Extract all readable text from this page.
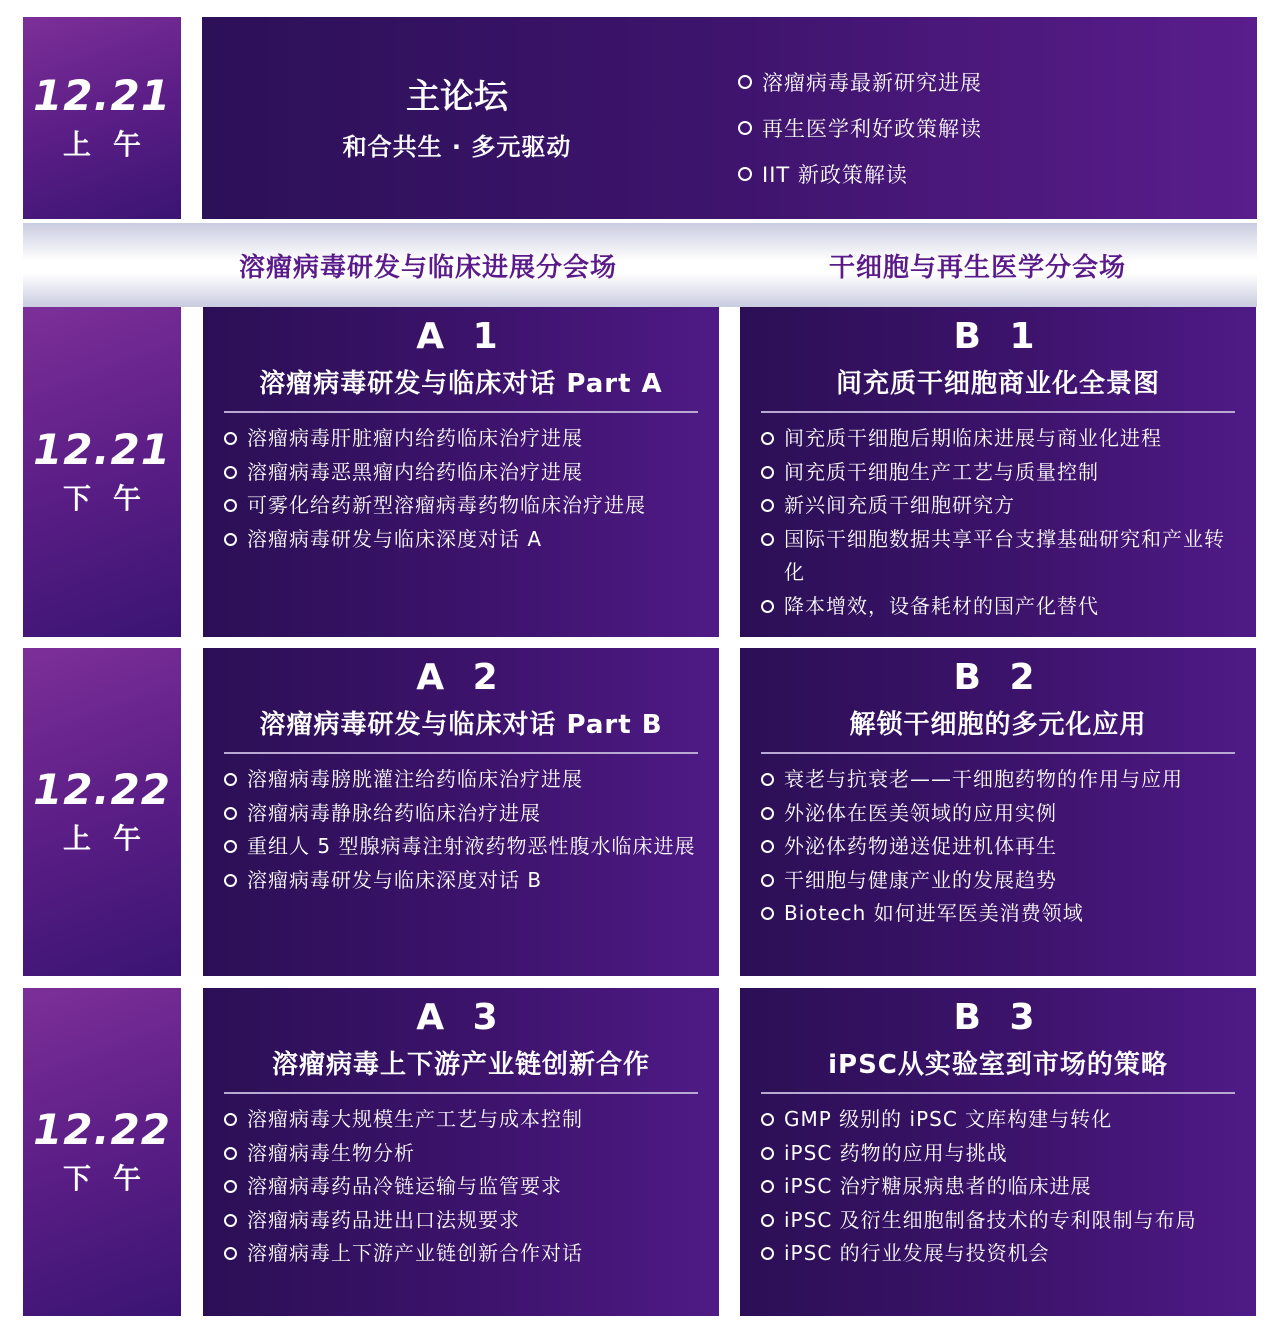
12.21
上午
主论坛
和合共生 · 多元驱动
溶瘤病毒最新研究进展
再生医学利好政策解读
IIT 新政策解读
溶瘤病毒研发与临床进展分会场	干细胞与再生医学分会场
12.21
下午
A 1
溶瘤病毒研发与临床对话 Part A
溶瘤病毒肝脏瘤内给药临床治疗进展
溶瘤病毒恶黑瘤内给药临床治疗进展
可雾化给药新型溶瘤病毒药物临床治疗进展
溶瘤病毒研发与临床深度对话 A
B 1
间充质干细胞商业化全景图
间充质干细胞后期临床进展与商业化进程
间充质干细胞生产工艺与质量控制
新兴间充质干细胞研究方
国际干细胞数据共享平台支撑基础研究和产业转化
降本增效，设备耗材的国产化替代
12.22
上午
A 2
溶瘤病毒研发与临床对话 Part B
溶瘤病毒膀胱灌注给药临床治疗进展
溶瘤病毒静脉给药临床治疗进展
重组人 5 型腺病毒注射液药物恶性腹水临床进展
溶瘤病毒研发与临床深度对话 B
B 2
解锁干细胞的多元化应用
衰老与抗衰老——干细胞药物的作用与应用
外泌体在医美领域的应用实例
外泌体药物递送促进机体再生
干细胞与健康产业的发展趋势
Biotech 如何进军医美消费领域
12.22
下午
A 3
溶瘤病毒上下游产业链创新合作
溶瘤病毒大规模生产工艺与成本控制
溶瘤病毒生物分析
溶瘤病毒药品冷链运输与监管要求
溶瘤病毒药品进出口法规要求
溶瘤病毒上下游产业链创新合作对话
B 3
iPSC从实验室到市场的策略
GMP 级别的 iPSC 文库构建与转化
iPSC 药物的应用与挑战
iPSC 治疗糖尿病患者的临床进展
iPSC 及衍生细胞制备技术的专利限制与布局
iPSC 的行业发展与投资机会
